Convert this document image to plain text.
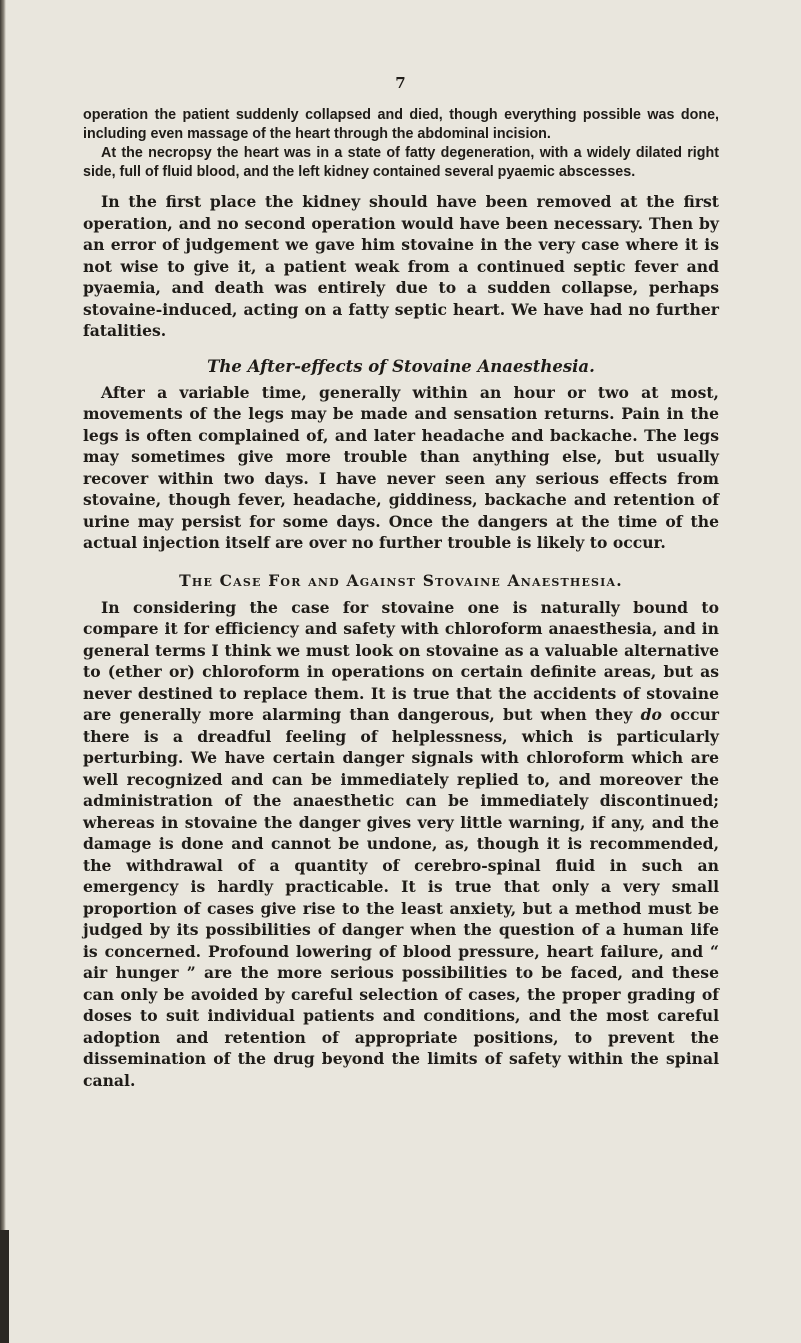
7

operation the patient suddenly collapsed and died, though everything possible was done, including even massage of the heart through the abdominal incision.

At the necropsy the heart was in a state of fatty degeneration, with a widely dilated right side, full of fluid blood, and the left kidney contained several pyaemic abscesses.

In the first place the kidney should have been removed at the first operation, and no second operation would have been necessary. Then by an error of judgement we gave him stovaine in the very case where it is not wise to give it, a patient weak from a continued septic fever and pyaemia, and death was entirely due to a sudden collapse, perhaps stovaine-induced, acting on a fatty septic heart. We have had no further fatalities.

The After-effects of Stovaine Anaesthesia.

After a variable time, generally within an hour or two at most, movements of the legs may be made and sensation returns. Pain in the legs is often complained of, and later headache and backache. The legs may sometimes give more trouble than anything else, but usually recover within two days. I have never seen any serious effects from stovaine, though fever, headache, giddiness, backache and retention of urine may persist for some days. Once the dangers at the time of the actual injection itself are over no further trouble is likely to occur.

The Case For and Against Stovaine Anaesthesia.

In considering the case for stovaine one is naturally bound to compare it for efficiency and safety with chloroform anaesthesia, and in general terms I think we must look on stovaine as a valuable alternative to (ether or) chloroform in operations on certain definite areas, but as never destined to replace them. It is true that the accidents of stovaine are generally more alarming than dangerous, but when they do occur there is a dreadful feeling of helplessness, which is particularly perturbing. We have certain danger signals with chloroform which are well recognized and can be immediately replied to, and moreover the administration of the anaesthetic can be immediately discontinued; whereas in stovaine the danger gives very little warning, if any, and the damage is done and cannot be undone, as, though it is recommended, the withdrawal of a quantity of cerebro-spinal fluid in such an emergency is hardly practicable. It is true that only a very small proportion of cases give rise to the least anxiety, but a method must be judged by its possibilities of danger when the question of a human life is concerned. Profound lowering of blood pressure, heart failure, and “ air hunger ” are the more serious possibilities to be faced, and these can only be avoided by careful selection of cases, the proper grading of doses to suit individual patients and conditions, and the most careful adoption and retention of appropriate positions, to prevent the dissemination of the drug beyond the limits of safety within the spinal canal.
